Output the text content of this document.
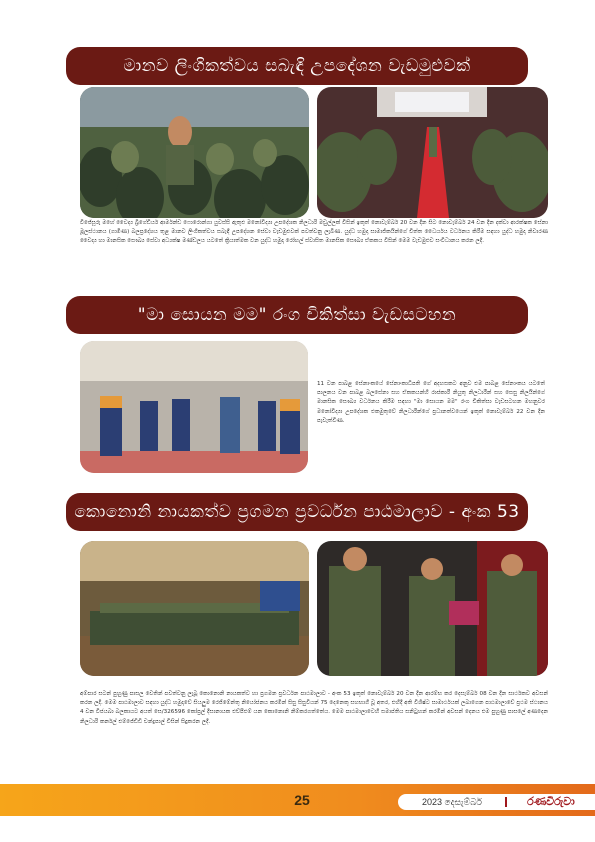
මානව ලිංගිකත්වය සබැඳි උපදේශන වැඩමුළුවක්

විජේසූරු මහේ වෛද්‍ය බ්‍රිගේඩියර් ආර්මන්ඩ ෆොරොන්ගා යුවස්සි ඇතුළු මනෝවිද්‍යා උපදේශක නිලධාරි මඩුල්ලක් විසින් ඉකුත් නොවැම්බර් 20 වන දින සිට නොවැම්බර් 24 වන දින දක්වා ආරක්ෂක සේනා මූලස්ථානය (ගාමිණ) බලප්‍රදේශය තුළ මානව ලිංගිකත්වය සබැඳි උපදේශන සේවා වැඩමුළුවක් පවත්වනු ලැබිණ. යුද්ධ හමුදා සාමාජිකයින්ගේ චිත්ත ධෛර්යය වර්ධනය කිරීම සඳහා යුද්ධ හමුදා නිවාරණ වෛද්‍ය හා මානසික සෞඛ්‍ය සේවා අධ්‍යක්ෂ මණ්ඩලය යටතේ ක්‍රියාත්මක වන යුද්ධ හමුදා රෝහල් ස්වාසිත මානසික සෞඛ්‍ය ඒකකය විසින් මෙම වැඩමුළුව සංවිධානය කරන ලදි.

"මා සොයන මම" රංග චිකිත්සා වැඩසටහන

11 වන පාබළ සේනාංකයේ සේනාංකාධිපති ගේ අදහසකට අනුව එම පාබළ සේනාංකය යටතේ පාලනය වන පාබළ බලසේනා සහ ඒකකයන්හි රාජකාරී නියුතු නිලධාරීන් සහ සෙසු නිලයින්ගේ මානසික සෞඛ්‍ය වර්ධනය කිරීම සඳහා "මා සොයන මම" රංග චිකිත්සා වැඩසටහන මහනුවර මනෝවිද්‍යා උපදේශක එකමුතුවේ නිලධාරීන්ගේ ප්‍රධානත්වයෙන් ඉකුත් නොවැම්බර් 22 වන දින පැවැත්විණ.

කොනොනි නායකත්ව ප්‍රගමන ප්‍රවර්ධන පාඨමාලාව - අංක 53

අම්පාර සටන් පුහුණු පාසල වෙතින් පවත්වනු ලැබූ කොනොනි නායකත්ව හා ප්‍රගමන ප්‍රවර්ධන පාඨමාලාව - අංක 53 ඉකුත් නොවැම්බර් 20 වන දින ආරම්භ කර දෙසැම්බර් 08 වන දින සාර්ථකව අවසන් කරන ලදි. මෙම පාඨමාලාව සඳහා යුද්ධ හමුදාවේ සියලුම රෙජිමේන්තු නියෝජනය කරමින් සිසු සිසුවියන් 75 දෙනෙකු සහභාගී වූ අතර, එහිදී අති විශිෂ්ට සාමාර්ථයක් ලබාගෙන පාඨමාලාවේ ප්‍රථම ස්ථානය 4 වන විජයබා බලකායට අයත් සෙ/326596 කෝප්‍රල් දිසානායක එච්පීඑම් යන කොනොනි නිම්කරගත්තේය. මෙම පාඨමාලාවෙහි සමාප්තිය සනිටුහන් කරමින් අවසන් දෙනය එම පුහුණු පාසලේ අණදෙන නිලධාරි කර්නල් එම්ජේඩීඩී චන්ද්‍රපාල් විසින් සිදුකරන ලදි.

25	2023 දෙසැම්බර්	රණවිරුවා
